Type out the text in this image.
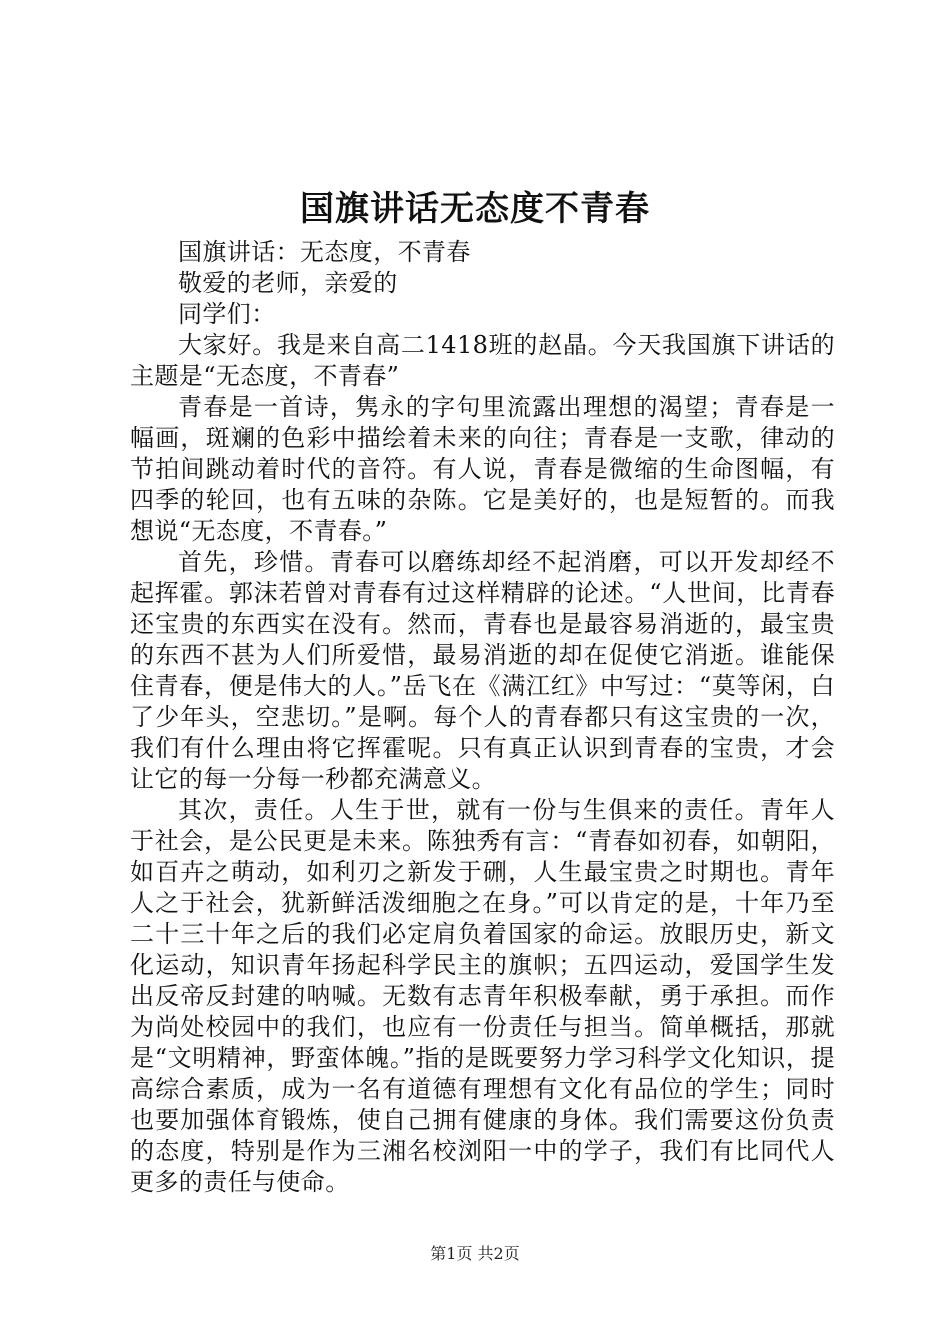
国旗讲话无态度不青春

国旗讲话：无态度，不青春

敬爱的老师，亲爱的

同学们：

大家好。我是来自高二1418班的赵晶。今天我国旗下讲话的主题是“无态度，不青春”

青春是一首诗，隽永的字句里流露出理想的渴望；青春是一幅画，斑斓的色彩中描绘着未来的向往；青春是一支歌，律动的节拍间跳动着时代的音符。有人说，青春是微缩的生命图幅，有四季的轮回，也有五味的杂陈。它是美好的，也是短暂的。而我想说“无态度，不青春。”

首先，珍惜。青春可以磨练却经不起消磨，可以开发却经不起挥霍。郭沫若曾对青春有过这样精辟的论述。“人世间，比青春还宝贵的东西实在没有。然而，青春也是最容易消逝的，最宝贵的东西不甚为人们所爱惜，最易消逝的却在促使它消逝。谁能保住青春，便是伟大的人。”岳飞在《满江红》中写过：“莫等闲，白了少年头，空悲切。”是啊。每个人的青春都只有这宝贵的一次，我们有什么理由将它挥霍呢。只有真正认识到青春的宝贵，才会让它的每一分每一秒都充满意义。

其次，责任。人生于世，就有一份与生俱来的责任。青年人于社会，是公民更是未来。陈独秀有言：“青春如初春，如朝阳，如百卉之萌动，如利刃之新发于硎，人生最宝贵之时期也。青年人之于社会，犹新鲜活泼细胞之在身。”可以肯定的是，十年乃至二十三十年之后的我们必定肩负着国家的命运。放眼历史，新文化运动，知识青年扬起科学民主的旗帜；五四运动，爱国学生发出反帝反封建的呐喊。无数有志青年积极奉献，勇于承担。而作为尚处校园中的我们，也应有一份责任与担当。简单概括，那就是“文明精神，野蛮体魄。”指的是既要努力学习科学文化知识，提高综合素质，成为一名有道德有理想有文化有品位的学生；同时也要加强体育锻炼，使自己拥有健康的身体。我们需要这份负责的态度，特别是作为三湘名校浏阳一中的学子，我们有比同代人更多的责任与使命。

第1页 共2页
